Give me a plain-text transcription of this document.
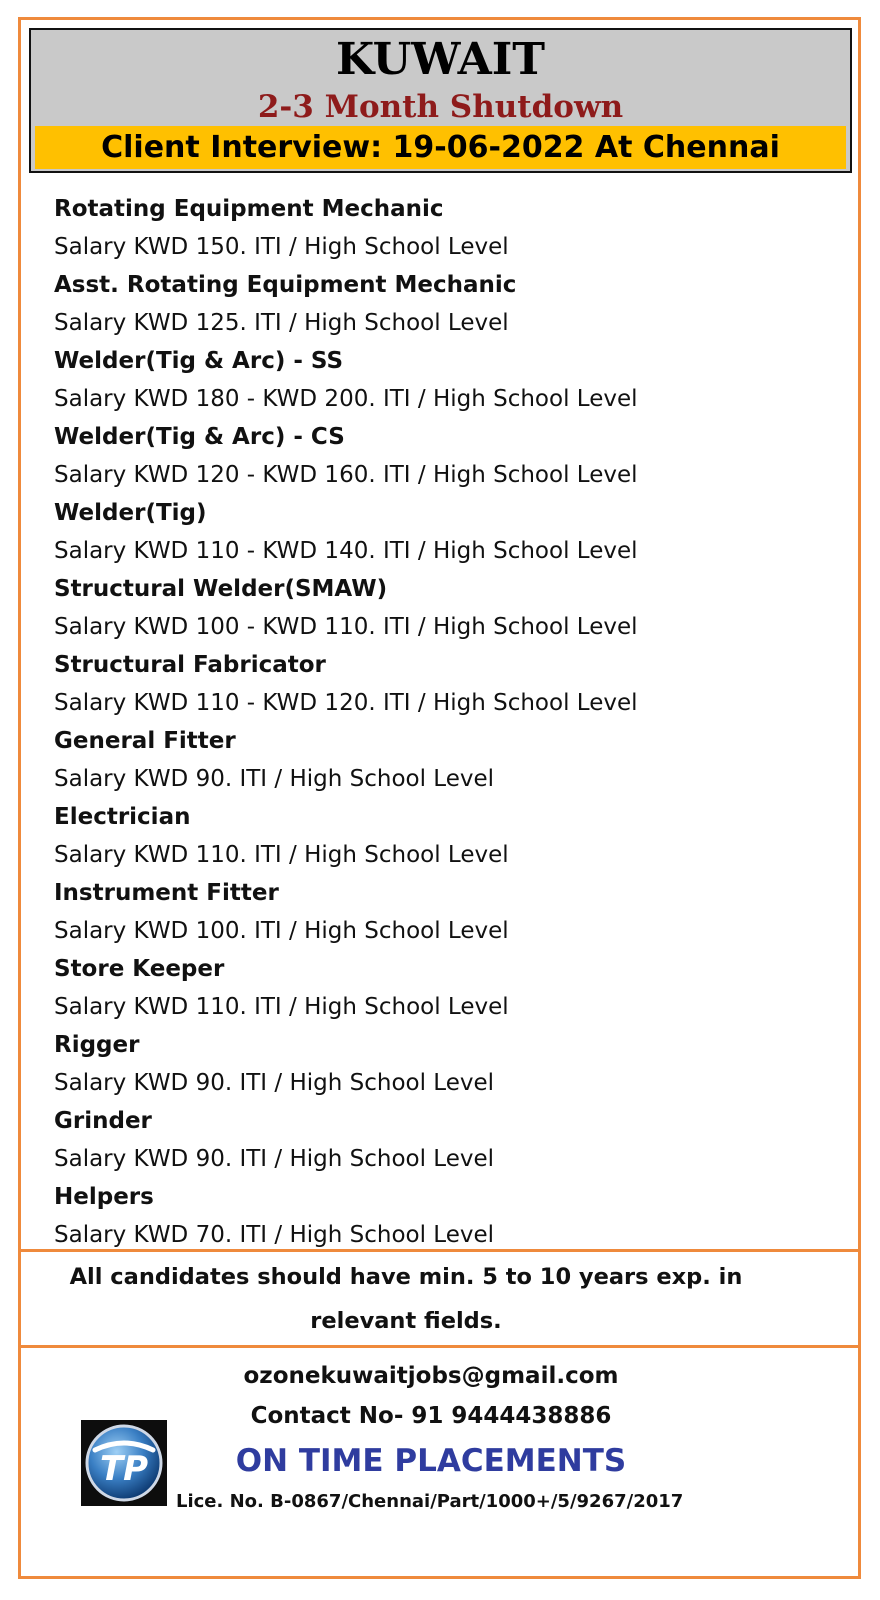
KUWAIT
2-3 Month Shutdown
Client Interview: 19-06-2022 At Chennai
Rotating Equipment Mechanic
Salary KWD 150. ITI / High School Level
Asst. Rotating Equipment Mechanic
Salary KWD 125. ITI / High School Level
Welder(Tig & Arc) - SS
Salary KWD 180 - KWD 200. ITI / High School Level
Welder(Tig & Arc) - CS
Salary KWD 120 - KWD 160. ITI / High School Level
Welder(Tig)
Salary KWD 110 - KWD 140. ITI / High School Level
Structural Welder(SMAW)
Salary KWD 100 - KWD 110. ITI / High School Level
Structural Fabricator
Salary KWD 110 - KWD 120. ITI / High School Level
General Fitter
Salary KWD 90. ITI / High School Level
Electrician
Salary KWD 110. ITI / High School Level
Instrument Fitter
Salary KWD 100. ITI / High School Level
Store Keeper
Salary KWD 110. ITI / High School Level
Rigger
Salary KWD 90. ITI / High School Level
Grinder
Salary KWD 90. ITI / High School Level
Helpers
Salary KWD 70. ITI / High School Level
All candidates should have min. 5 to 10 years exp. in
relevant fields.
ozonekuwaitjobs@gmail.com
Contact No- 91 9444438886
TP	ON TIME PLACEMENTS
Lice. No. B-0867/Chennai/Part/1000+/5/9267/2017
